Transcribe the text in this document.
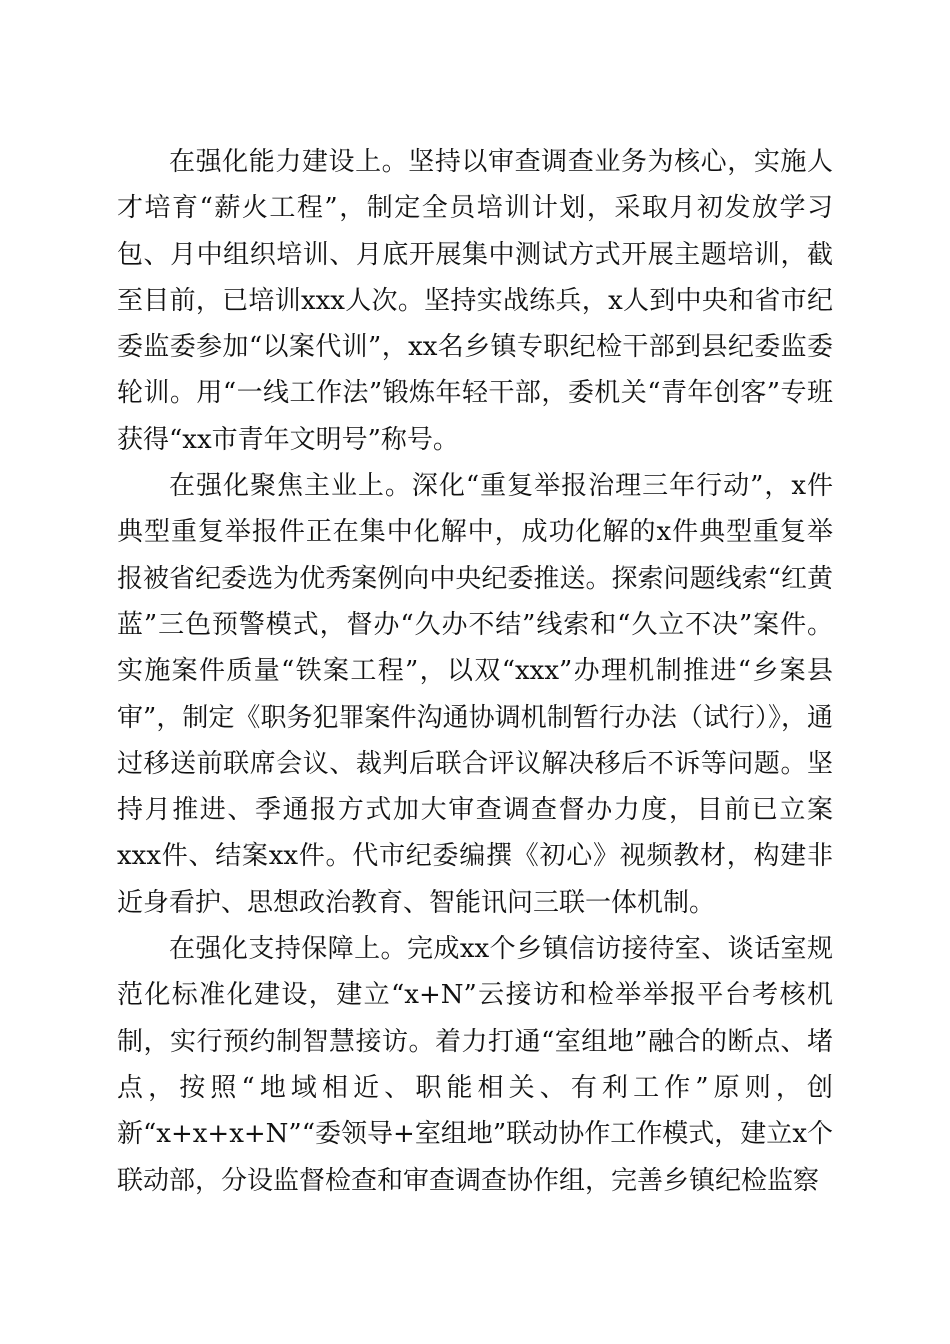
在强化能力建设上。坚持以审查调查业务为核心，实施人才培育“薪火工程”，制定全员培训计划，采取月初发放学习包、月中组织培训、月底开展集中测试方式开展主题培训，截至目前，已培训xxx人次。坚持实战练兵，x人到中央和省市纪委监委参加“以案代训”，xx名乡镇专职纪检干部到县纪委监委轮训。用“一线工作法”锻炼年轻干部，委机关“青年创客”专班获得“xx市青年文明号”称号。

在强化聚焦主业上。深化“重复举报治理三年行动”，x件典型重复举报件正在集中化解中，成功化解的x件典型重复举报被省纪委选为优秀案例向中央纪委推送。探索问题线索“红黄蓝”三色预警模式，督办“久办不结”线索和“久立不决”案件。实施案件质量“铁案工程”，以双“xxx”办理机制推进“乡案县审”，制定《职务犯罪案件沟通协调机制暂行办法（试行）》，通过移送前联席会议、裁判后联合评议解决移后不诉等问题。坚持月推进、季通报方式加大审查调查督办力度，目前已立案xxx件、结案xx件。代市纪委编撰《初心》视频教材，构建非近身看护、思想政治教育、智能讯问三联一体机制。

在强化支持保障上。完成xx个乡镇信访接待室、谈话室规范化标准化建设，建立“x+N”云接访和检举举报平台考核机制，实行预约制智慧接访。着力打通“室组地”融合的断点、堵点，按照“地域相近、职能相关、有利工作”原则，创新“x+x+x+N”“委领导+室组地”联动协作工作模式，建立x个联动部，分设监督检查和审查调查协作组，完善乡镇纪检监察
